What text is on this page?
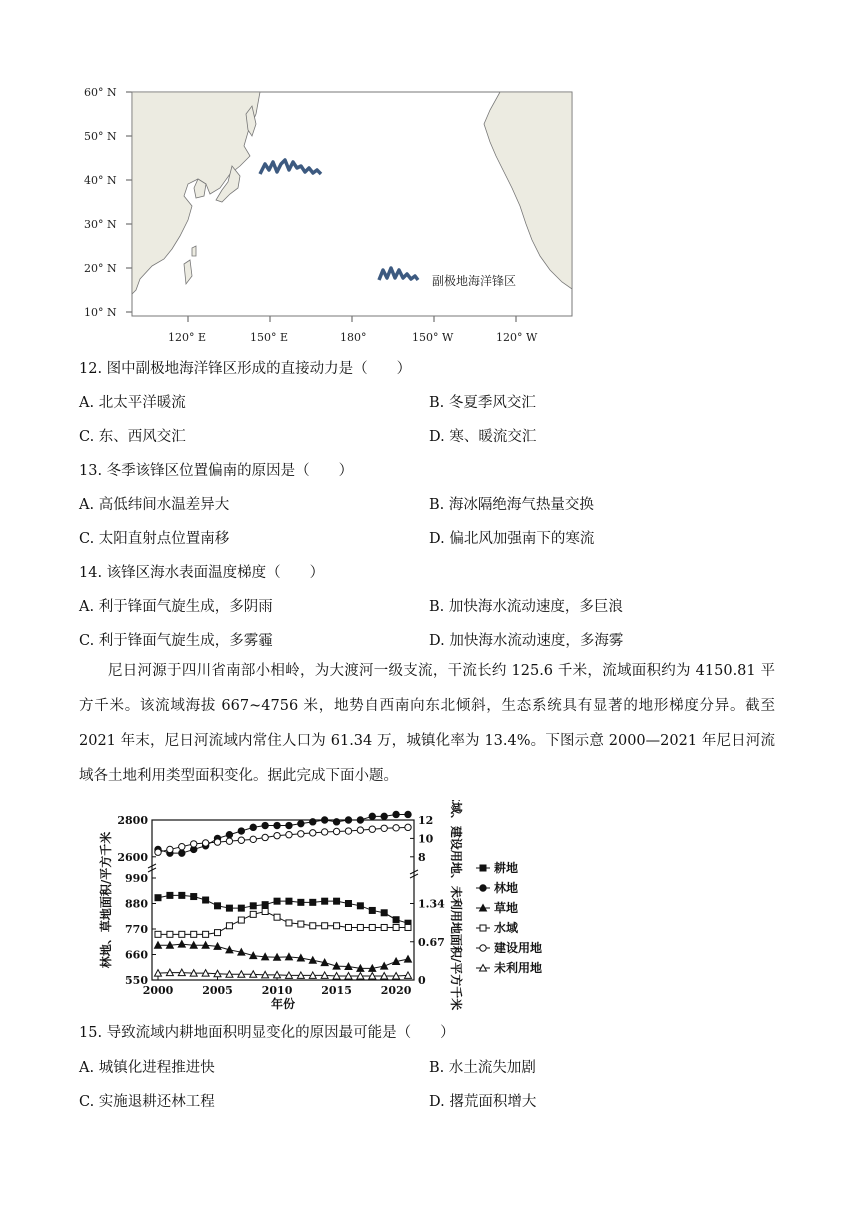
60° N
50° N
40° N
30° N
20° N
10° N
副极地海洋锋区
120° E	150° E	180°	150° W	120° W
12. 图中副极地海洋锋区形成的直接动力是（　　）
A. 北太平洋暖流	B. 冬夏季风交汇
C. 东、西风交汇	D. 寒、暖流交汇
13. 冬季该锋区位置偏南的原因是（　　）
A. 高低纬间水温差异大	B. 海冰隔绝海气热量交换
C. 太阳直射点位置南移	D. 偏北风加强南下的寒流
14. 该锋区海水表面温度梯度（　　）
A. 利于锋面气旋生成，多阴雨	B. 加快海水流动速度，多巨浪
C. 利于锋面气旋生成，多雾霾	D. 加快海水流动速度，多海雾
尼日河源于四川省南部小相岭，为大渡河一级支流，干流长约 125.6 千米，流域面积约为 4150.81 平方千米。该流域海拔 667~4756 米，地势自西南向东北倾斜，生态系统具有显著的地形梯度分异。截至 2021 年末，尼日河流域内常住人口为 61.34 万，城镇化率为 13.4%。下图示意 2000—2021 年尼日河流域各土地利用类型面积变化。据此完成下面小题。
550
660
770
880
990
2600
2800
0
0.67
1.34
8
10
12
2000	2005	2010	2015	2020
年份
林地、草地面积/平方千米	水域、建设用地、未利用地面积/平方千米	耕地
林地
草地
水域
建设用地
未利用地
15. 导致流域内耕地面积明显变化的原因最可能是（　　）
A. 城镇化进程推进快	B. 水土流失加剧
C. 实施退耕还林工程	D. 撂荒面积增大
